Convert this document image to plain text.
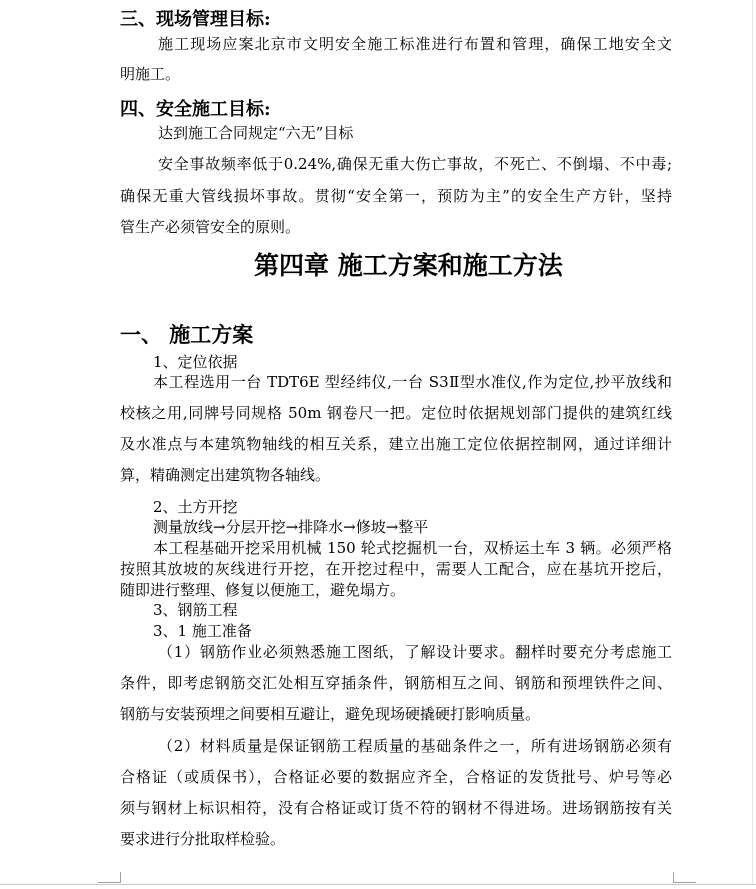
三、现场管理目标:
施工现场应案北京市文明安全施工标准进行布置和管理，确保工地安全文
明施工。
四、安全施工目标:
达到施工合同规定“六无”目标
安全事故频率低于0.24%,确保无重大伤亡事故，不死亡、不倒塌、不中毒;
确保无重大管线损坏事故。贯彻“安全第一，预防为主”的安全生产方针，坚持
管生产必须管安全的原则。
第四章 施工方案和施工方法
一、 施工方案
1、定位依据
本工程选用一台 TDT6E 型经纬仪,一台 S3Ⅱ型水准仪,作为定位,抄平放线和
校核之用,同牌号同规格 50m 钢卷尺一把。定位时依据规划部门提供的建筑红线
及水准点与本建筑物轴线的相互关系，建立出施工定位依据控制网，通过详细计
算，精确测定出建筑物各轴线。
2、土方开挖
测量放线→分层开挖→排降水→修坡→整平
本工程基础开挖采用机械 150 轮式挖掘机一台，双桥运土车 3 辆。必须严格
按照其放坡的灰线进行开挖，在开挖过程中，需要人工配合，应在基坑开挖后，
随即进行整理、修复以便施工，避免塌方。
3、钢筋工程
3、1 施工准备
（1）钢筋作业必须熟悉施工图纸，了解设计要求。翻样时要充分考虑施工
条件，即考虑钢筋交汇处相互穿插条件，钢筋相互之间、钢筋和预埋铁件之间、
钢筋与安装预埋之间要相互避让，避免现场硬撬硬打影响质量。
（2）材料质量是保证钢筋工程质量的基础条件之一，所有进场钢筋必须有
合格证（或质保书），合格证必要的数据应齐全，合格证的发货批号、炉号等必
须与钢材上标识相符，没有合格证或订货不符的钢材不得进场。进场钢筋按有关
要求进行分批取样检验。
